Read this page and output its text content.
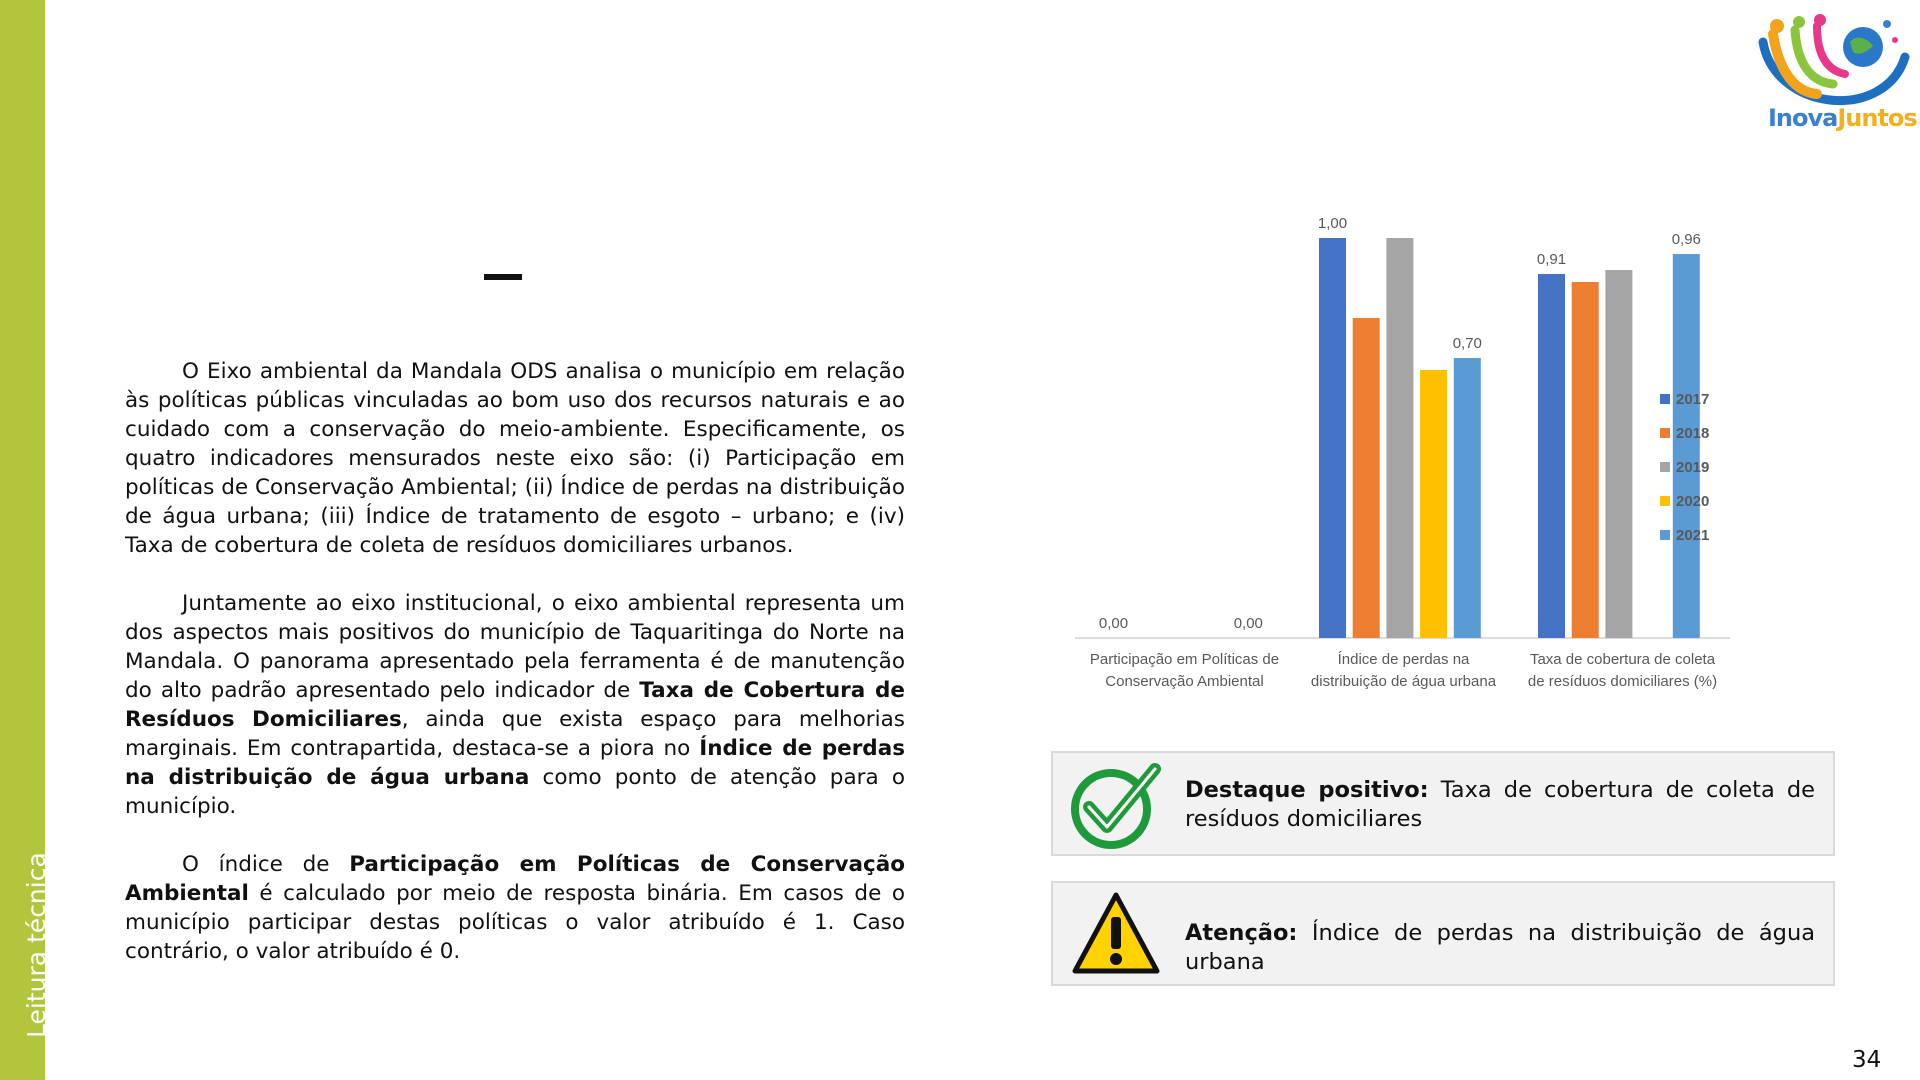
Leitura técnica
InovaJuntos

O Eixo ambiental da Mandala ODS analisa o município em relação às políticas públicas vinculadas ao bom uso dos recursos naturais e ao cuidado com a conservação do meio-ambiente. Especificamente, os quatro indicadores mensurados neste eixo são: (i) Participação em políticas de Conservação Ambiental; (ii) Índice de perdas na distribuição de água urbana; (iii) Índice de tratamento de esgoto – urbano; e (iv) Taxa de cobertura de coleta de resíduos domiciliares urbanos.

Juntamente ao eixo institucional, o eixo ambiental representa um dos aspectos mais positivos do município de Taquaritinga do Norte na Mandala. O panorama apresentado pela ferramenta é de manutenção do alto padrão apresentado pelo indicador de Taxa de Cobertura de Resíduos Domiciliares, ainda que exista espaço para melhorias marginais. Em contrapartida, destaca-se a piora no Índice de perdas na distribuição de água urbana como ponto de atenção para o município.

O índice de Participação em Políticas de Conservação Ambiental é calculado por meio de resposta binária. Em casos de o município participar destas políticas o valor atribuído é 1. Caso contrário, o valor atribuído é 0.

Participação em Políticas de
Conservação Ambiental
Índice de perdas na
distribuição de água urbana
Taxa de cobertura de coleta
de resíduos domiciliares (%)
0,00	0,00
1,00
0,70
0,91
0,96
2017
2018
2019
2020
2021
Destaque positivo: Taxa de cobertura de coleta de resíduos domiciliares
Atenção: Índice de perdas na distribuição de água urbana
34
